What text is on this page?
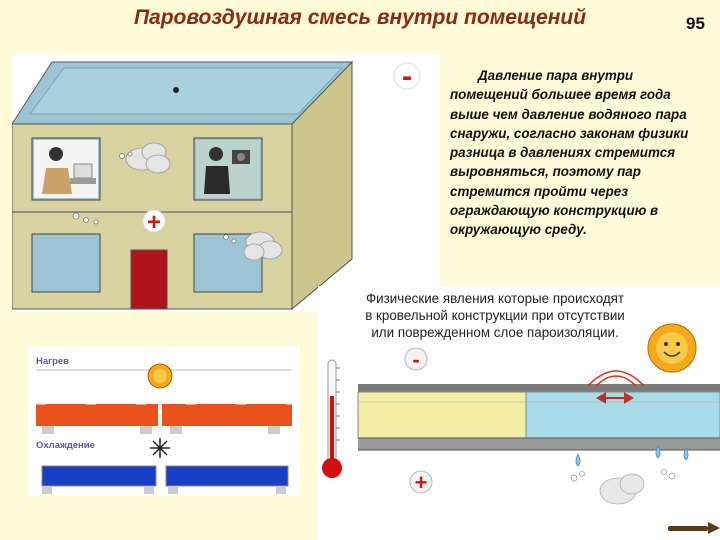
Паровоздушная смесь внутри помещений	95
+
-	Давление пара внутри помещений большее время года выше чем давление водяного пара снаружи, согласно законам физики разница в давлениях стремится выровняться, поэтому пар стремится пройти через ограждающую конструкцию в окружающую среду.

Физические явления которые происходят
в кровельной конструкции при отсутствии
или поврежденном слое пароизоляции.
-
+
Нагрев
Охлаждение
